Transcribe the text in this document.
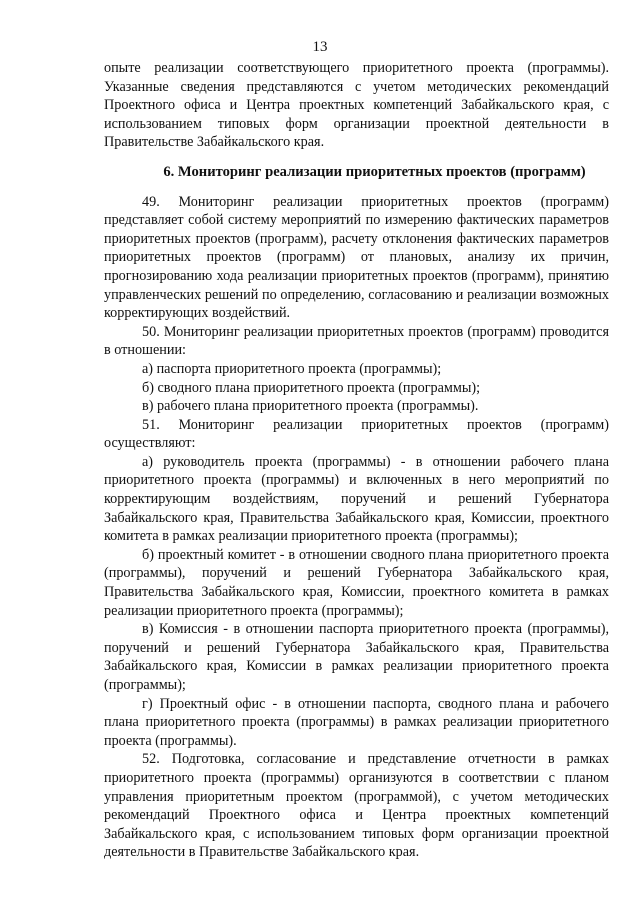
13

опыте реализации соответствующего приоритетного проекта (программы). Указанные сведения представляются с учетом методических рекомендаций Проектного офиса и Центра проектных компетенций Забайкальского края, с использованием типовых форм организации проектной деятельности в Правительстве Забайкальского края.

6. Мониторинг реализации приоритетных проектов (программ)

49. Мониторинг реализации приоритетных проектов (программ) представляет собой систему мероприятий по измерению фактических параметров приоритетных проектов (программ), расчету отклонения фактических параметров приоритетных проектов (программ) от плановых, анализу их причин, прогнозированию хода реализации приоритетных проектов (программ), принятию управленческих решений по определению, согласованию и реализации возможных корректирующих воздействий.

50. Мониторинг реализации приоритетных проектов (программ) проводится в отношении:

а) паспорта приоритетного проекта (программы);

б) сводного плана приоритетного проекта (программы);

в) рабочего плана приоритетного проекта (программы).

51. Мониторинг реализации приоритетных проектов (программ) осуществляют:

а) руководитель проекта (программы) - в отношении рабочего плана приоритетного проекта (программы) и включенных в него мероприятий по корректирующим воздействиям, поручений и решений Губернатора Забайкальского края, Правительства Забайкальского края, Комиссии, проектного комитета в рамках реализации приоритетного проекта (программы);

б) проектный комитет - в отношении сводного плана приоритетного проекта (программы), поручений и решений Губернатора Забайкальского края, Правительства Забайкальского края, Комиссии, проектного комитета в рамках реализации приоритетного проекта (программы);

в) Комиссия - в отношении паспорта приоритетного проекта (программы), поручений и решений Губернатора Забайкальского края, Правительства Забайкальского края, Комиссии в рамках реализации приоритетного проекта (программы);

г) Проектный офис - в отношении паспорта, сводного плана и рабочего плана приоритетного проекта (программы) в рамках реализации приоритетного проекта (программы).

52. Подготовка, согласование и представление отчетности в рамках приоритетного проекта (программы) организуются в соответствии с планом управления приоритетным проектом (программой), с учетом методических рекомендаций Проектного офиса и Центра проектных компетенций Забайкальского края, с использованием типовых форм организации проектной деятельности в Правительстве Забайкальского края.
